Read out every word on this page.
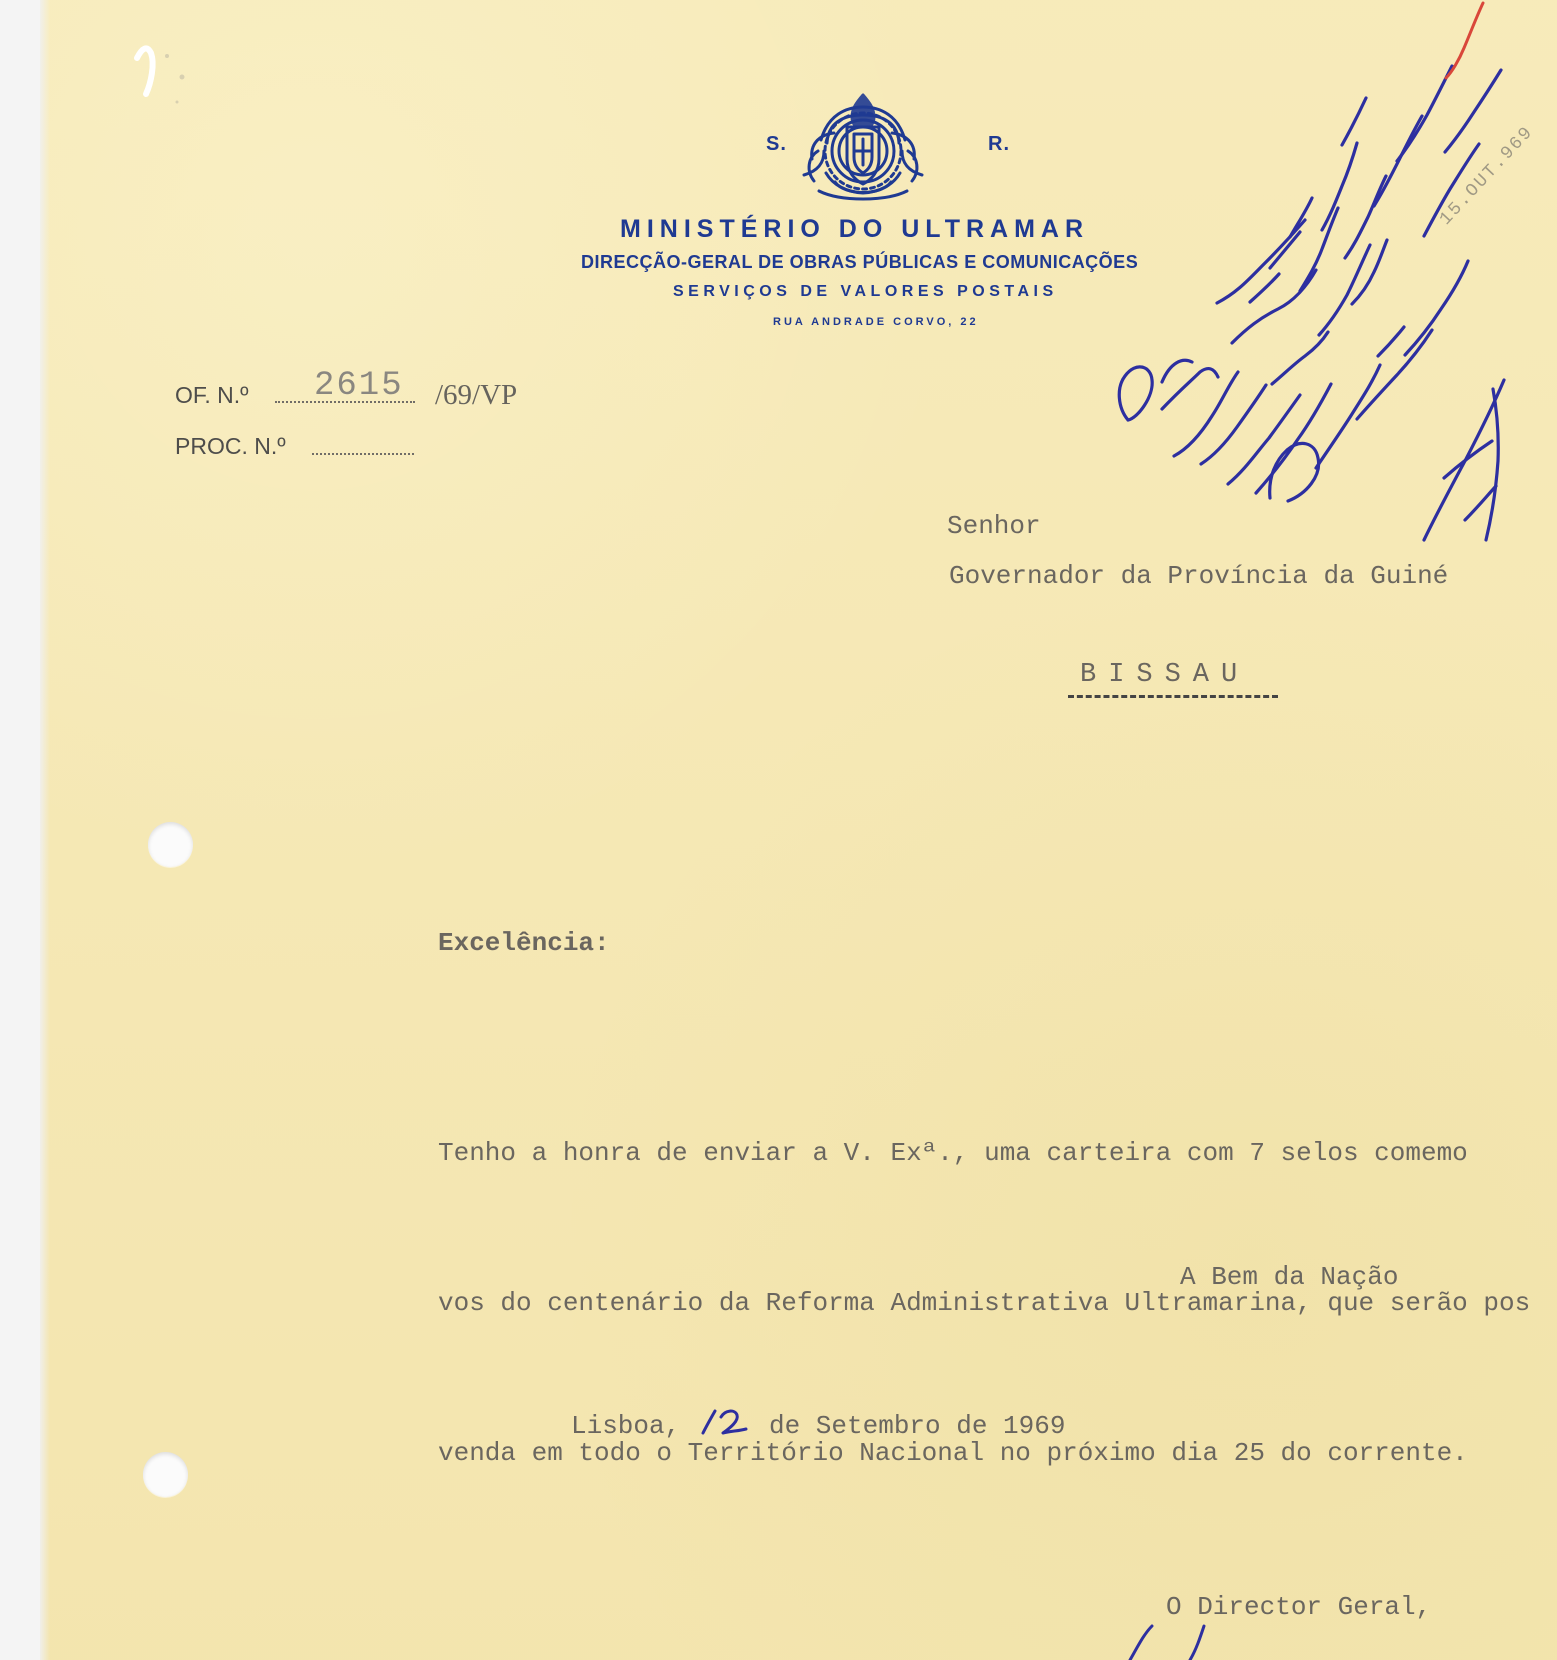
S.	R.
MINISTÉRIO DO ULTRAMAR
DIRECÇÃO-GERAL DE OBRAS PÚBLICAS E COMUNICAÇÕES
SERVIÇOS DE VALORES POSTAIS
RUA ANDRADE CORVO, 22
OF. N.º 2615 /69/VP
PROC. N.º
15.OUT.969
Senhor
Governador da Província da Guiné
BISSAU
Excelência:

Tenho a honra de enviar a V. Exª., uma carteira com 7 selos comemo

vos do centenário da Reforma Administrativa Ultramarina, que serão pos

venda em todo o Território Nacional no próximo dia 25 do corrente.

A Bem da Nação
Lisboa,	de Setembro de 1969
O Director Geral,
